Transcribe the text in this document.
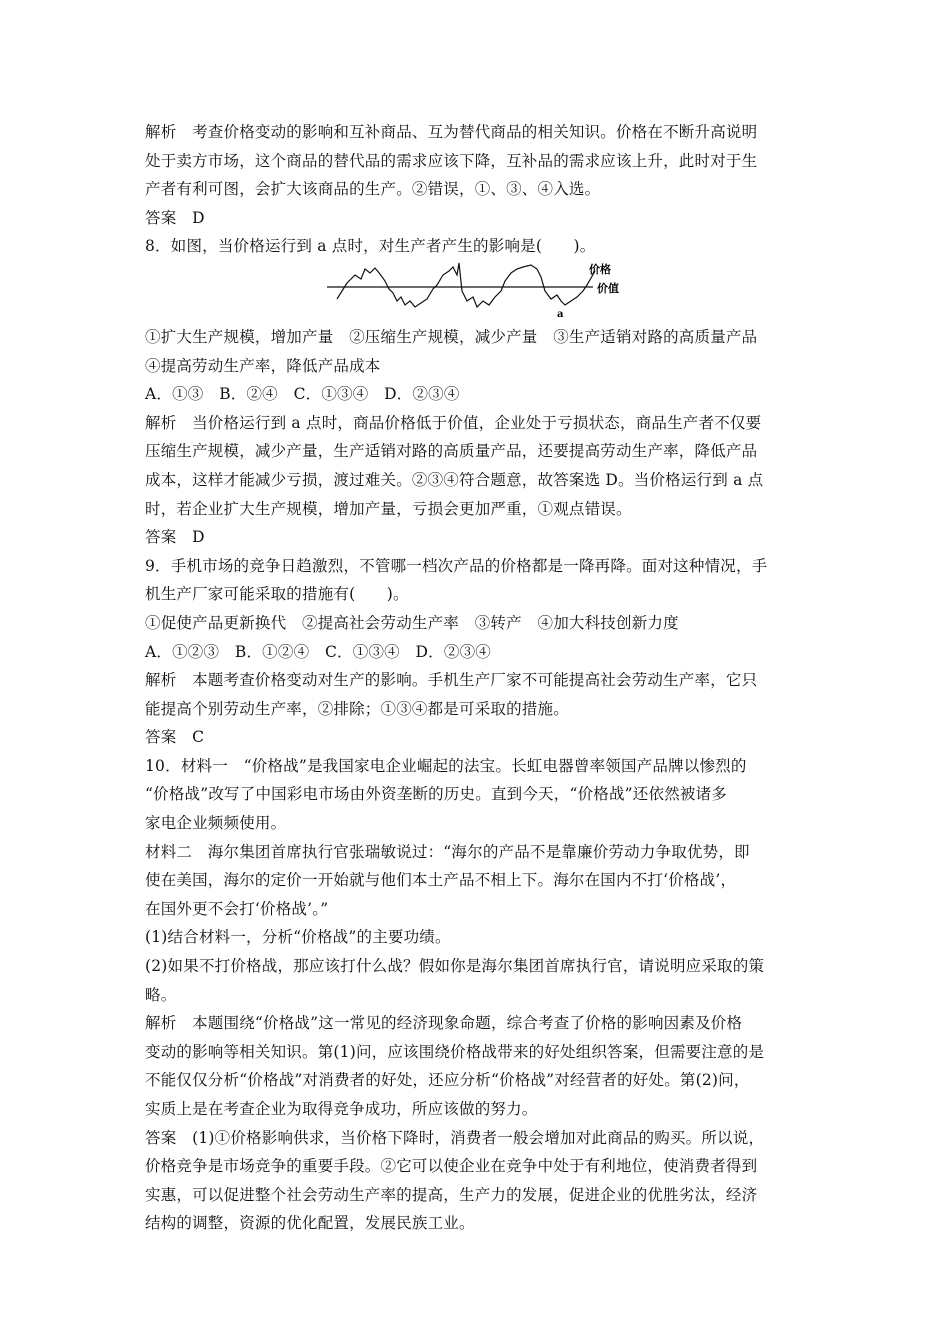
解析　考查价格变动的影响和互补商品、互为替代商品的相关知识。价格在不断升高说明
处于卖方市场，这个商品的替代品的需求应该下降，互补品的需求应该上升，此时对于生
产者有利可图，会扩大该商品的生产。②错误，①、③、④入选。
答案　D
8．如图，当价格运行到 a 点时，对生产者产生的影响是(　　)。
a
价格
价值
①扩大生产规模，增加产量　②压缩生产规模，减少产量　③生产适销对路的高质量产品
④提高劳动生产率，降低产品成本
A．①③　B．②④　C．①③④　D．②③④
解析　当价格运行到 a 点时，商品价格低于价值，企业处于亏损状态，商品生产者不仅要
压缩生产规模，减少产量，生产适销对路的高质量产品，还要提高劳动生产率，降低产品
成本，这样才能减少亏损，渡过难关。②③④符合题意，故答案选 D。当价格运行到 a 点
时，若企业扩大生产规模，增加产量，亏损会更加严重，①观点错误。
答案　D
9．手机市场的竞争日趋激烈，不管哪一档次产品的价格都是一降再降。面对这种情况，手
机生产厂家可能采取的措施有(　　)。
①促使产品更新换代　②提高社会劳动生产率　③转产　④加大科技创新力度
A．①②③　B．①②④　C．①③④　D．②③④
解析　本题考查价格变动对生产的影响。手机生产厂家不可能提高社会劳动生产率，它只
能提高个别劳动生产率，②排除；①③④都是可采取的措施。
答案　C
10．材料一　“价格战”是我国家电企业崛起的法宝。长虹电器曾率领国产品牌以惨烈的
“价格战”改写了中国彩电市场由外资垄断的历史。直到今天，“价格战”还依然被诸多
家电企业频频使用。
材料二　海尔集团首席执行官张瑞敏说过：“海尔的产品不是靠廉价劳动力争取优势，即
使在美国，海尔的定价一开始就与他们本土产品不相上下。海尔在国内不打‘价格战’，
在国外更不会打‘价格战’。”
(1)结合材料一，分析“价格战”的主要功绩。
(2)如果不打价格战，那应该打什么战？假如你是海尔集团首席执行官，请说明应采取的策
略。
解析　本题围绕“价格战”这一常见的经济现象命题，综合考查了价格的影响因素及价格
变动的影响等相关知识。第(1)问，应该围绕价格战带来的好处组织答案，但需要注意的是
不能仅仅分析“价格战”对消费者的好处，还应分析“价格战”对经营者的好处。第(2)问，
实质上是在考查企业为取得竞争成功，所应该做的努力。
答案　(1)①价格影响供求，当价格下降时，消费者一般会增加对此商品的购买。所以说，
价格竞争是市场竞争的重要手段。②它可以使企业在竞争中处于有利地位，使消费者得到
实惠，可以促进整个社会劳动生产率的提高，生产力的发展，促进企业的优胜劣汰，经济
结构的调整，资源的优化配置，发展民族工业。
